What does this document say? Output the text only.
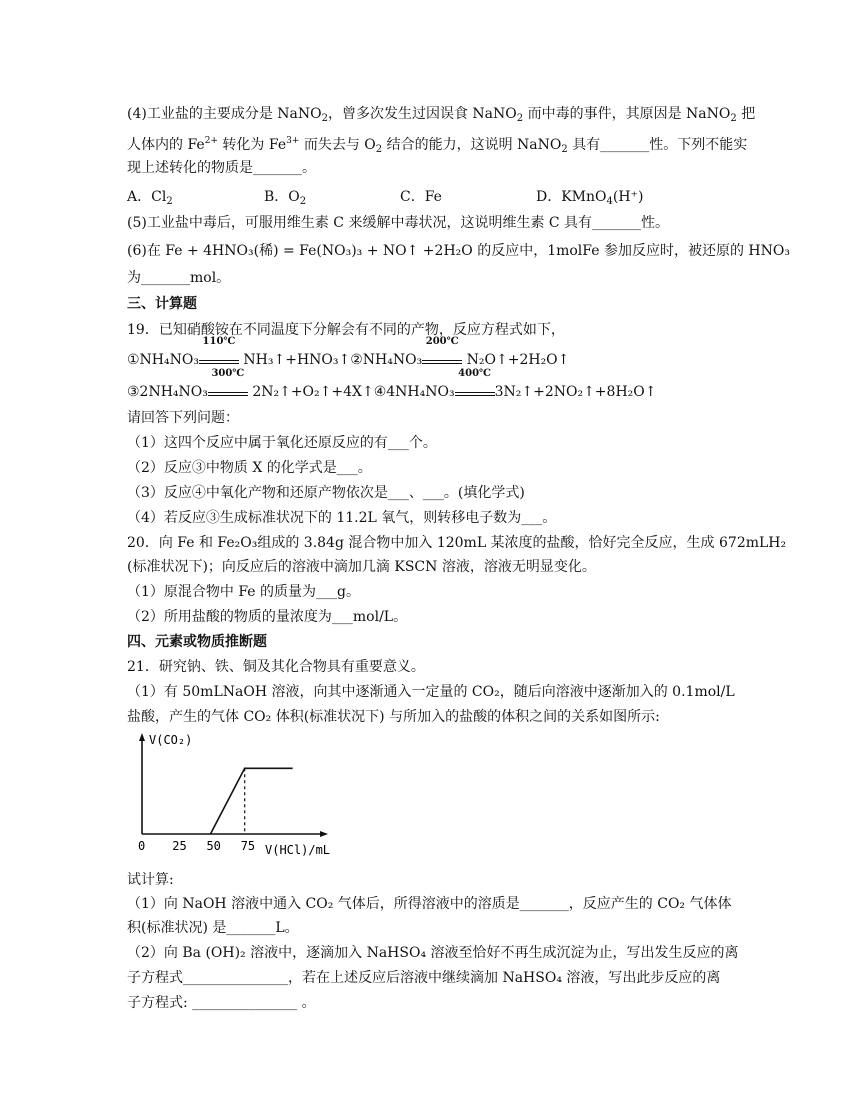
(4)工业盐的主要成分是 NaNO$_2$，曾多次发生过因误食 NaNO$_2$ 而中毒的事件，其原因是 NaNO$_2$ 把
人体内的 $Fe^{2+}$ 转化为 $Fe^{3+}$ 而失去与 $O_2$ 结合的能力，这说明 NaNO$_2$ 具有_______性。下列不能实
现上述转化的物质是_______。
A．$Cl_2$	B．$O_2$	C．Fe	D．KMnO$_4$(H⁺)
(5)工业盐中毒后，可服用维生素 C 来缓解中毒状况，这说明维生素 C 具有_______性。
(6)在 Fe + 4HNO₃(稀) = Fe(NO₃)₃ + NO↑ +2H₂O 的反应中，1molFe 参加反应时，被还原的 HNO₃
为_______mol。
三、计算题
19．已知硝酸铵在不同温度下分解会有不同的产物，反应方程式如下，
①NH₄NO₃
110℃
NH₃↑+HNO₃↑②NH₄NO₃
200℃
N₂O↑+2H₂O↑
③2NH₄NO₃
300℃
2N₂↑+O₂↑+4X↑④4NH₄NO₃
400℃
3N₂↑+2NO₂↑+8H₂O↑
请回答下列问题：
（1）这四个反应中属于氧化还原反应的有___个。
（2）反应③中物质 X 的化学式是___。
（3）反应④中氧化产物和还原产物依次是___、___。(填化学式)
（4）若反应③生成标准状况下的 11.2L 氧气，则转移电子数为___。
20．向 Fe 和 Fe₂O₃组成的 3.84g 混合物中加入 120mL 某浓度的盐酸，恰好完全反应，生成 672mLH₂
(标准状况下)；向反应后的溶液中滴加几滴 KSCN 溶液，溶液无明显变化。
（1）原混合物中 Fe 的质量为___g。
（2）所用盐酸的物质的量浓度为___mol/L。
四、元素或物质推断题
21．研究钠、铁、铜及其化合物具有重要意义。
（1）有 50mLNaOH 溶液，向其中逐渐通入一定量的 CO₂，随后向溶液中逐渐加入的 0.1mol/L
盐酸，产生的气体 CO₂ 体积(标准状况下) 与所加入的盐酸的体积之间的关系如图所示:
V(CO₂)
V(HCl)/mL
0 25 50 75
试计算:
（1）向 NaOH 溶液中通入 CO₂ 气体后，所得溶液中的溶质是_______，反应产生的 CO₂ 气体体
积(标准状况) 是_______L。
（2）向 Ba (OH)₂ 溶液中，逐滴加入 NaHSO₄ 溶液至恰好不再生成沉淀为止，写出发生反应的离
子方程式_______________，若在上述反应后溶液中继续滴加 NaHSO₄ 溶液，写出此步反应的离
子方程式: _______________ 。
